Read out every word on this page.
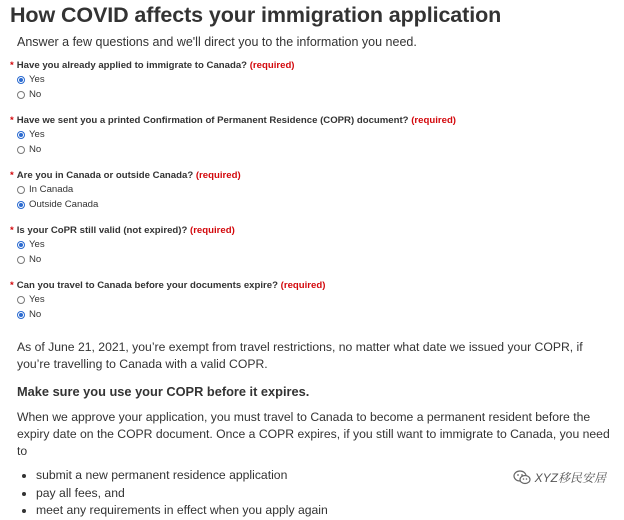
How COVID affects your immigration application
Answer a few questions and we'll direct you to the information you need.
* Have you already applied to immigrate to Canada? (required)
Yes
No
* Have we sent you a printed Confirmation of Permanent Residence (COPR) document? (required)
Yes
No
* Are you in Canada or outside Canada? (required)
In Canada
Outside Canada
* Is your CoPR still valid (not expired)? (required)
Yes
No
* Can you travel to Canada before your documents expire? (required)
Yes
No
As of June 21, 2021, you’re exempt from travel restrictions, no matter what date we issued your COPR, if you’re travelling to Canada with a valid COPR.
Make sure you use your COPR before it expires.
When we approve your application, you must travel to Canada to become a permanent resident before the expiry date on the COPR document. Once a COPR expires, if you still want to immigrate to Canada, you need to
• submit a new permanent residence application
• pay all fees, and
• meet any requirements in effect when you apply again
XYZ移民安居
